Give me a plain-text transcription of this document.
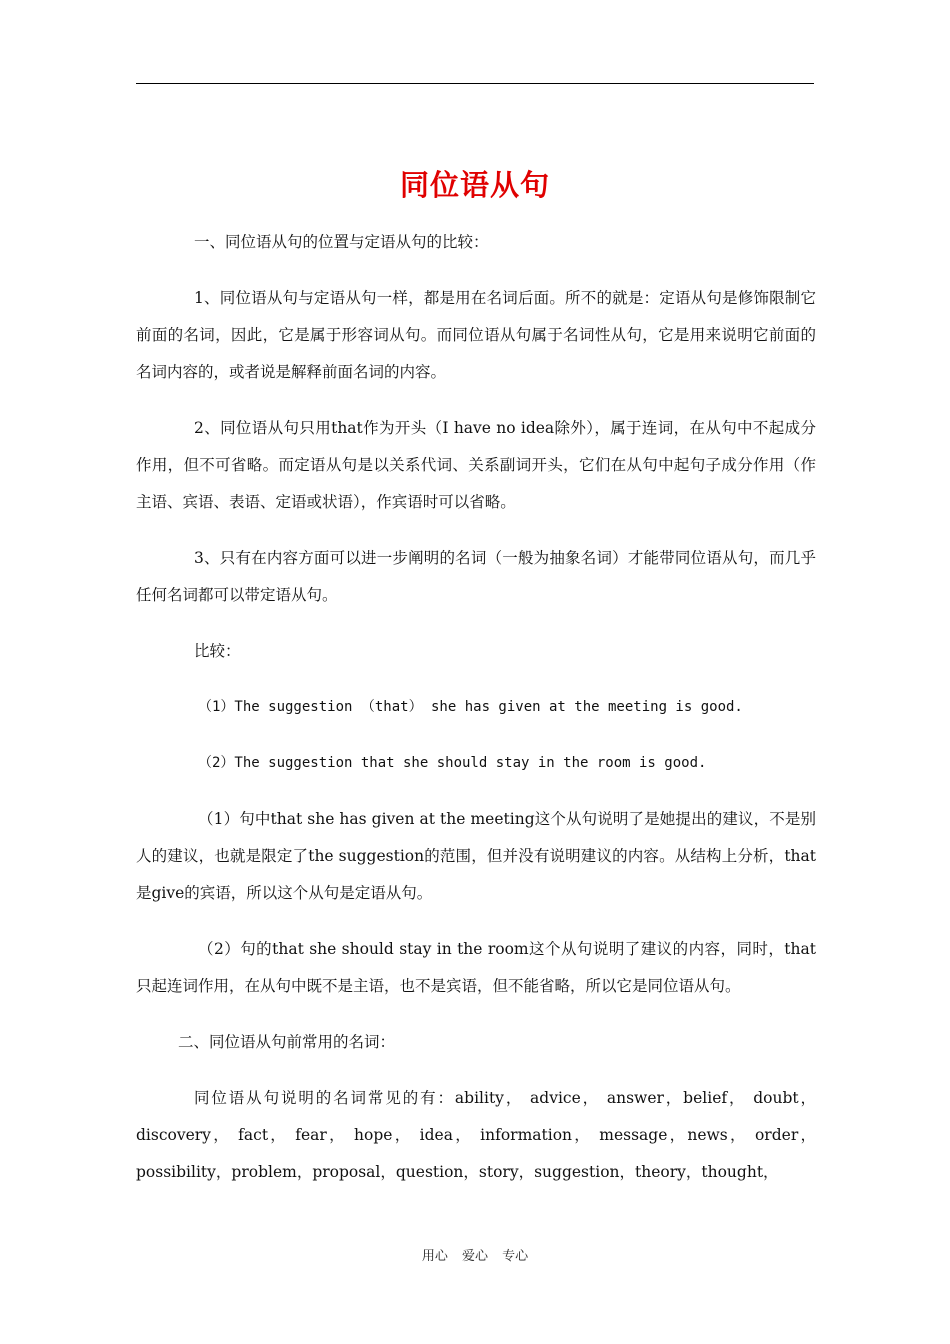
同位语从句

一、同位语从句的位置与定语从句的比较：

1、同位语从句与定语从句一样，都是用在名词后面。所不的就是：定语从句是修饰限制它前面的名词，因此，它是属于形容词从句。而同位语从句属于名词性从句，它是用来说明它前面的名词内容的，或者说是解释前面名词的内容。

2、同位语从句只用that作为开头（I have no idea除外），属于连词，在从句中不起成分作用，但不可省略。而定语从句是以关系代词、关系副词开头，它们在从句中起句子成分作用（作主语、宾语、表语、定语或状语），作宾语时可以省略。

3、只有在内容方面可以进一步阐明的名词（一般为抽象名词）才能带同位语从句，而几乎任何名词都可以带定语从句。

比较：

（1）The suggestion （that） she has given at the meeting is good.

（2）The suggestion that she should stay in the room is good.

（1）句中that she has given at the meeting这个从句说明了是她提出的建议，不是别人的建议，也就是限定了the suggestion的范围，但并没有说明建议的内容。从结构上分析，that是give的宾语，所以这个从句是定语从句。

（2）句的that she should stay in the room这个从句说明了建议的内容，同时，that只起连词作用，在从句中既不是主语，也不是宾语，但不能省略，所以它是同位语从句。

二、同位语从句前常用的名词：

同位语从句说明的名词常见的有：ability， advice， answer，belief， doubt，discovery， fact， fear， hope， idea， information， message，news， order，possibility，problem，proposal，question，story，suggestion，theory，thought，

用心 爱心 专心
